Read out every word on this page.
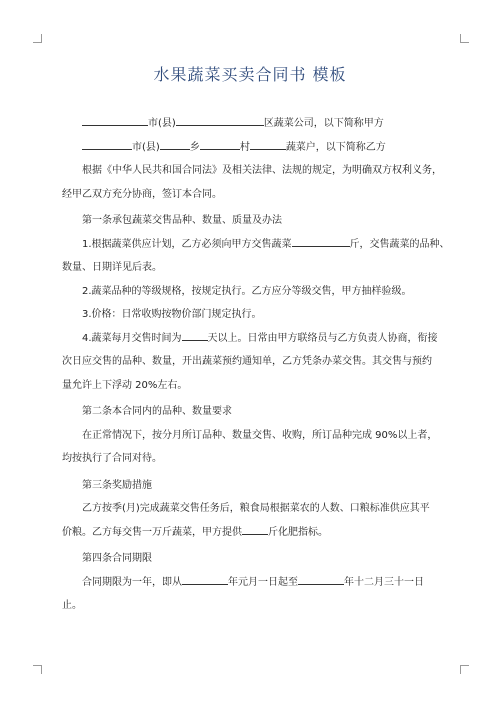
水果蔬菜买卖合同书 模板

市(县)	区蔬菜公司，以下简称甲方

市(县)	乡	村	蔬菜户，以下简称乙方

根据《中华人民共和国合同法》及相关法律、法规的规定，为明确双方权利义务，

经甲乙双方充分协商，签订本合同。

第一条承包蔬菜交售品种、数量、质量及办法

1.根据蔬菜供应计划，乙方必须向甲方交售蔬菜	斤，交售蔬菜的品种、

数量、日期详见后表。

2.蔬菜品种的等级规格，按规定执行。乙方应分等级交售，甲方抽样验级。

3.价格：日常收购按物价部门规定执行。

4.蔬菜每月交售时间为	天以上。日常由甲方联络员与乙方负责人协商，衔接

次日应交售的品种、数量，开出蔬菜预约通知单，乙方凭条办菜交售。其交售与预约

量允许上下浮动 20%左右。

第二条本合同内的品种、数量要求

在正常情况下，按分月所订品种、数量交售、收购，所订品种完成 90%以上者，

均按执行了合同对待。

第三条奖励措施

乙方按季(月)完成蔬菜交售任务后，粮食局根据菜农的人数、口粮标准供应其平

价粮。乙方每交售一万斤蔬菜，甲方提供	斤化肥指标。

第四条合同期限

合同期限为一年，即从	年元月一日起至	年十二月三十一日

止。
